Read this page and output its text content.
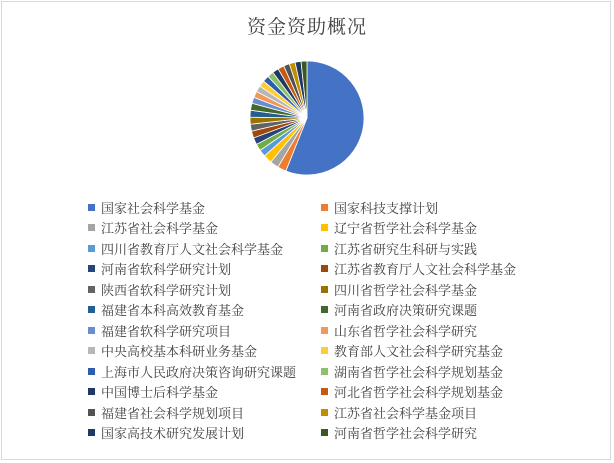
资金资助概况
国家社会科学基金	国家科技支撑计划
江苏省社会科学基金	辽宁省哲学社会科学基金
四川省教育厅人文社会科学基金	江苏省研究生科研与实践
河南省软科学研究计划	江苏省教育厅人文社会科学基金
陕西省软科学研究计划	四川省哲学社会科学基金
福建省本科高效教育基金	河南省政府决策研究课题
福建省软科学研究项目	山东省哲学社会科学研究
中央高校基本科研业务基金	教育部人文社会科学研究基金
上海市人民政府决策咨询研究课题	湖南省哲学社会科学规划基金
中国博士后科学基金	河北省哲学社会科学规划基金
福建省社会科学规划项目	江苏省社会科学基金项目
国家高技术研究发展计划	河南省哲学社会科学研究
